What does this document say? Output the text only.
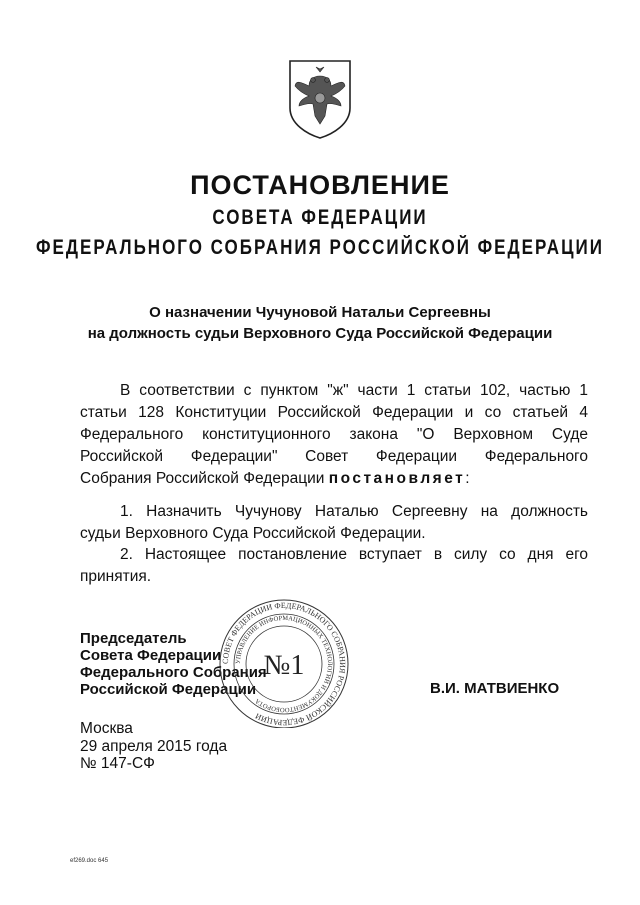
ПОСТАНОВЛЕНИЕ
СОВЕТА ФЕДЕРАЦИИ
ФЕДЕРАЛЬНОГО СОБРАНИЯ РОССИЙСКОЙ ФЕДЕРАЦИИ
О назначении Чучуновой Натальи Сергеевны
на должность судьи Верховного Суда Российской Федерации
В соответствии с пунктом "ж" части 1 статьи 102, частью 1
статьи 128 Конституции Российской Федерации и со статьей 4
Федерального конституционного закона "О Верховном Суде
Российской Федерации" Совет Федерации Федерального
Собрания Российской Федерации постановляет:
1. Назначить Чучунову Наталью Сергеевну на должность
судьи Верховного Суда Российской Федерации.
2. Настоящее постановление вступает в силу со дня его
принятия.
Председатель
Совета Федерации
Федерального Собрания
Российской Федерации	В.И. МАТВИЕНКО
СОВЕТ ФЕДЕРАЦИИ ФЕДЕРАЛЬНОГО СОБРАНИЯ РОССИЙСКОЙ ФЕДЕРАЦИИ
УПРАВЛЕНИЕ ИНФОРМАЦИОННЫХ ТЕХНОЛОГИЙ И ДОКУМЕНТООБОРОТА
№1
Москва
29 апреля 2015 года
№ 147-СФ
ef269.doc 645
